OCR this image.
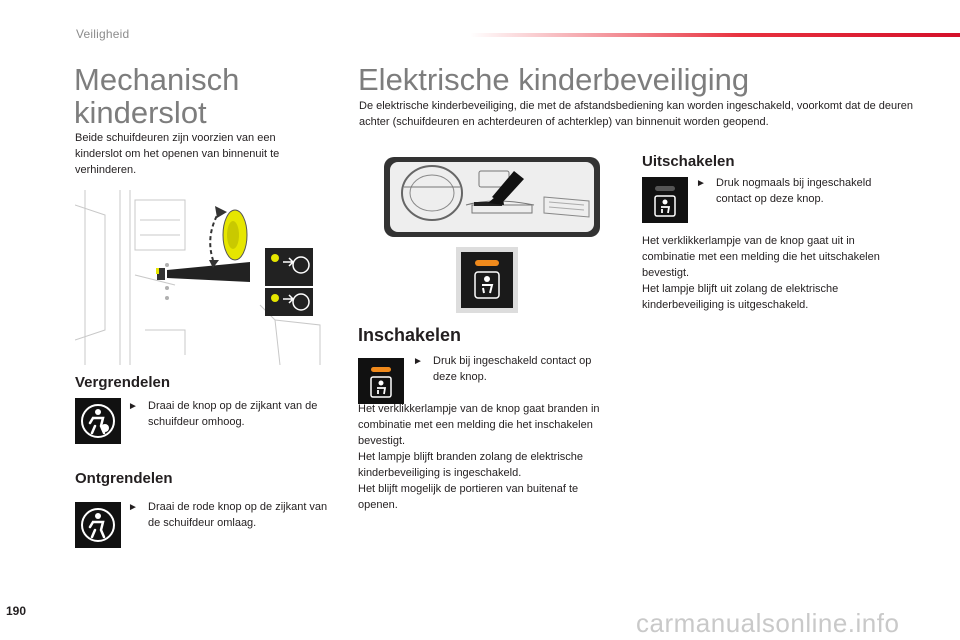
Veiligheid
Mechanisch
kinderslot
Beide schuifdeuren zijn voorzien van een kinderslot om het openen van binnenuit te verhinderen.
Vergrendelen
► Draai de knop op de zijkant van de schuifdeur omhoog.
Ontgrendelen
► Draai de rode knop op de zijkant van de schuifdeur omlaag.
Elektrische kinderbeveiliging
De elektrische kinderbeveiliging, die met de afstandsbediening kan worden ingeschakeld, voorkomt dat de deuren achter (schuifdeuren en achterdeuren of achterklep) van binnenuit worden geopend.
Inschakelen
► Druk bij ingeschakeld contact op deze knop.
Het verklikkerlampje van de knop gaat branden in combinatie met een melding die het inschakelen bevestigt.
Het lampje blijft branden zolang de elektrische kinderbeveiliging is ingeschakeld.
Het blijft mogelijk de portieren van buitenaf te openen.
Uitschakelen
► Druk nogmaals bij ingeschakeld contact op deze knop.
Het verklikkerlampje van de knop gaat uit in combinatie met een melding die het uitschakelen bevestigt.
Het lampje blijft uit zolang de elektrische kinderbeveiliging is uitgeschakeld.
190	carmanualsonline.info
